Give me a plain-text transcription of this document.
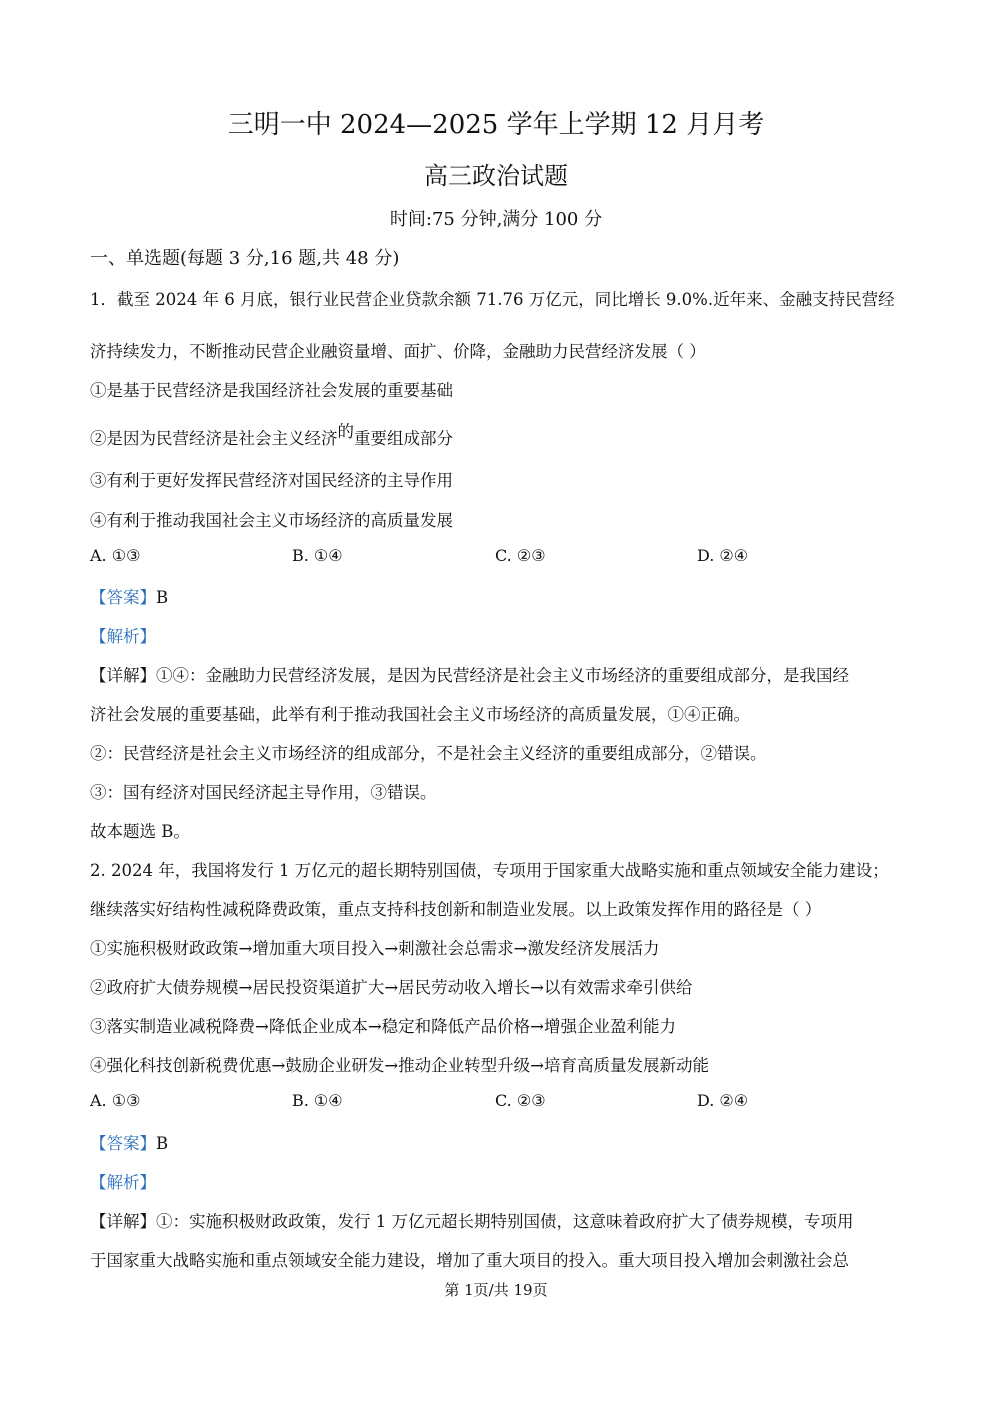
三明一中 2024—2025 学年上学期 12 月月考
高三政治试题
时间:75 分钟,满分 100 分
一、单选题(每题 3 分,16 题,共 48 分)
1．截至 2024 年 6 月底，银行业民营企业贷款余额 71.76 万亿元，同比增长 9.0%.近年来、金融支持民营经
济持续发力，不断推动民营企业融资量增、面扩、价降，金融助力民营经济发展（ ）
①是基于民营经济是我国经济社会发展的重要基础
②是因为民营经济是社会主义经济的重要组成部分
③有利于更好发挥民营经济对国民经济的主导作用
④有利于推动我国社会主义市场经济的高质量发展
A. ①③	B. ①④	C. ②③	D. ②④
【答案】B
【解析】
【详解】①④：金融助力民营经济发展，是因为民营经济是社会主义市场经济的重要组成部分，是我国经
济社会发展的重要基础，此举有利于推动我国社会主义市场经济的高质量发展，①④正确。
②：民营经济是社会主义市场经济的组成部分，不是社会主义经济的重要组成部分，②错误。
③：国有经济对国民经济起主导作用，③错误。
故本题选 B。
2. 2024 年，我国将发行 1 万亿元的超长期特别国债，专项用于国家重大战略实施和重点领域安全能力建设；
继续落实好结构性减税降费政策，重点支持科技创新和制造业发展。以上政策发挥作用的路径是（ ）
①实施积极财政政策→增加重大项目投入→刺激社会总需求→激发经济发展活力
②政府扩大债券规模→居民投资渠道扩大→居民劳动收入增长→以有效需求牵引供给
③落实制造业减税降费→降低企业成本→稳定和降低产品价格→增强企业盈利能力
④强化科技创新税费优惠→鼓励企业研发→推动企业转型升级→培育高质量发展新动能
A. ①③	B. ①④	C. ②③	D. ②④
【答案】B
【解析】
【详解】①：实施积极财政政策，发行 1 万亿元超长期特别国债，这意味着政府扩大了债券规模，专项用
于国家重大战略实施和重点领域安全能力建设，增加了重大项目的投入。重大项目投入增加会刺激社会总
第 1页/共 19页
